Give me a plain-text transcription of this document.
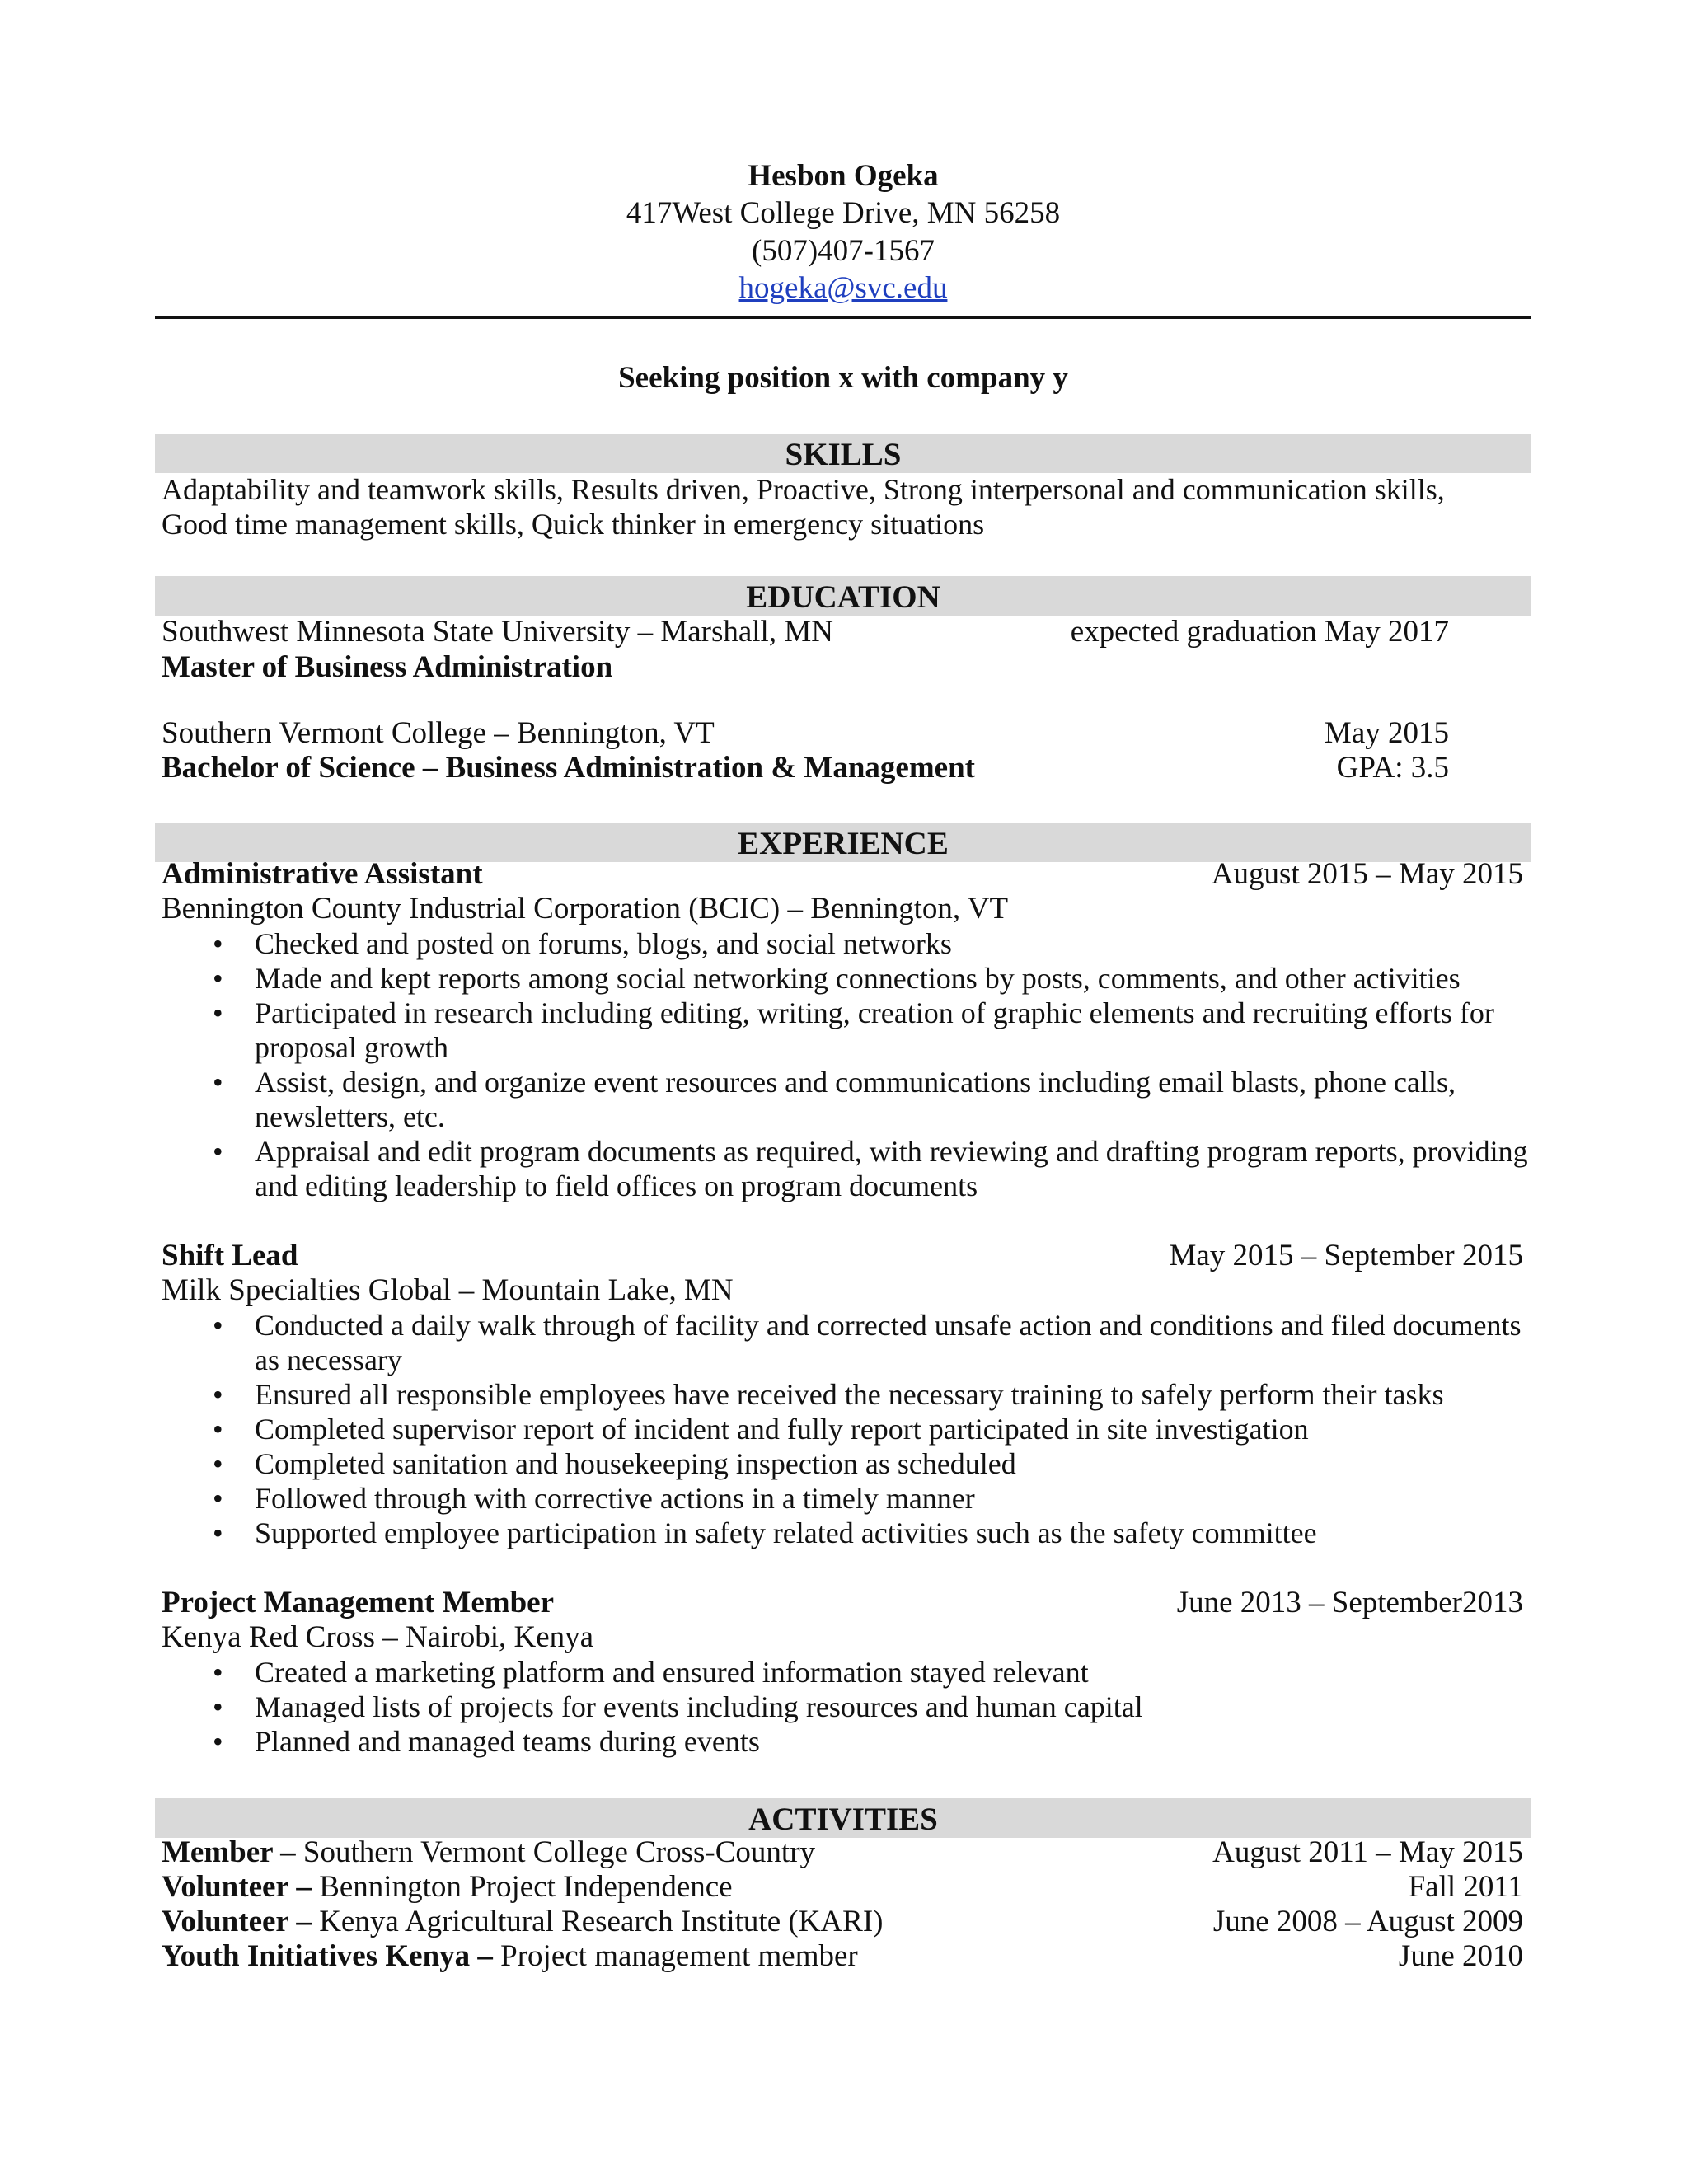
Hesbon Ogeka
417West College Drive, MN 56258
(507)407-1567
hogeka@svc.edu
Seeking position x with company y
SKILLS
Adaptability and teamwork skills, Results driven, Proactive, Strong interpersonal and communication skills,
Good time management skills, Quick thinker in emergency situations
EDUCATION
Southwest Minnesota State University – Marshall, MN	expected graduation May 2017
Master of Business Administration
Southern Vermont College – Bennington, VT	May 2015
Bachelor of Science – Business Administration & Management	GPA: 3.5
EXPERIENCE
Administrative Assistant	August 2015 – May 2015
Bennington County Industrial Corporation (BCIC) – Bennington, VT
• Checked and posted on forums, blogs, and social networks
• Made and kept reports among social networking connections by posts, comments, and other activities
• Participated in research including editing, writing, creation of graphic elements and recruiting efforts for proposal growth
• Assist, design, and organize event resources and communications including email blasts, phone calls, newsletters, etc.
• Appraisal and edit program documents as required, with reviewing and drafting program reports, providing and editing leadership to field offices on program documents
Shift Lead	May 2015 – September 2015
Milk Specialties Global – Mountain Lake, MN
• Conducted a daily walk through of facility and corrected unsafe action and conditions and filed documents as necessary
• Ensured all responsible employees have received the necessary training to safely perform their tasks
• Completed supervisor report of incident and fully report participated in site investigation
• Completed sanitation and housekeeping inspection as scheduled
• Followed through with corrective actions in a timely manner
• Supported employee participation in safety related activities such as the safety committee
Project Management Member	June 2013 – September2013
Kenya Red Cross – Nairobi, Kenya
• Created a marketing platform and ensured information stayed relevant
• Managed lists of projects for events including resources and human capital
• Planned and managed teams during events
ACTIVITIES
Member – Southern Vermont College Cross-Country	August 2011 – May 2015
Volunteer – Bennington Project Independence	Fall 2011
Volunteer – Kenya Agricultural Research Institute (KARI)	June 2008 – August 2009
Youth Initiatives Kenya – Project management member	June 2010
